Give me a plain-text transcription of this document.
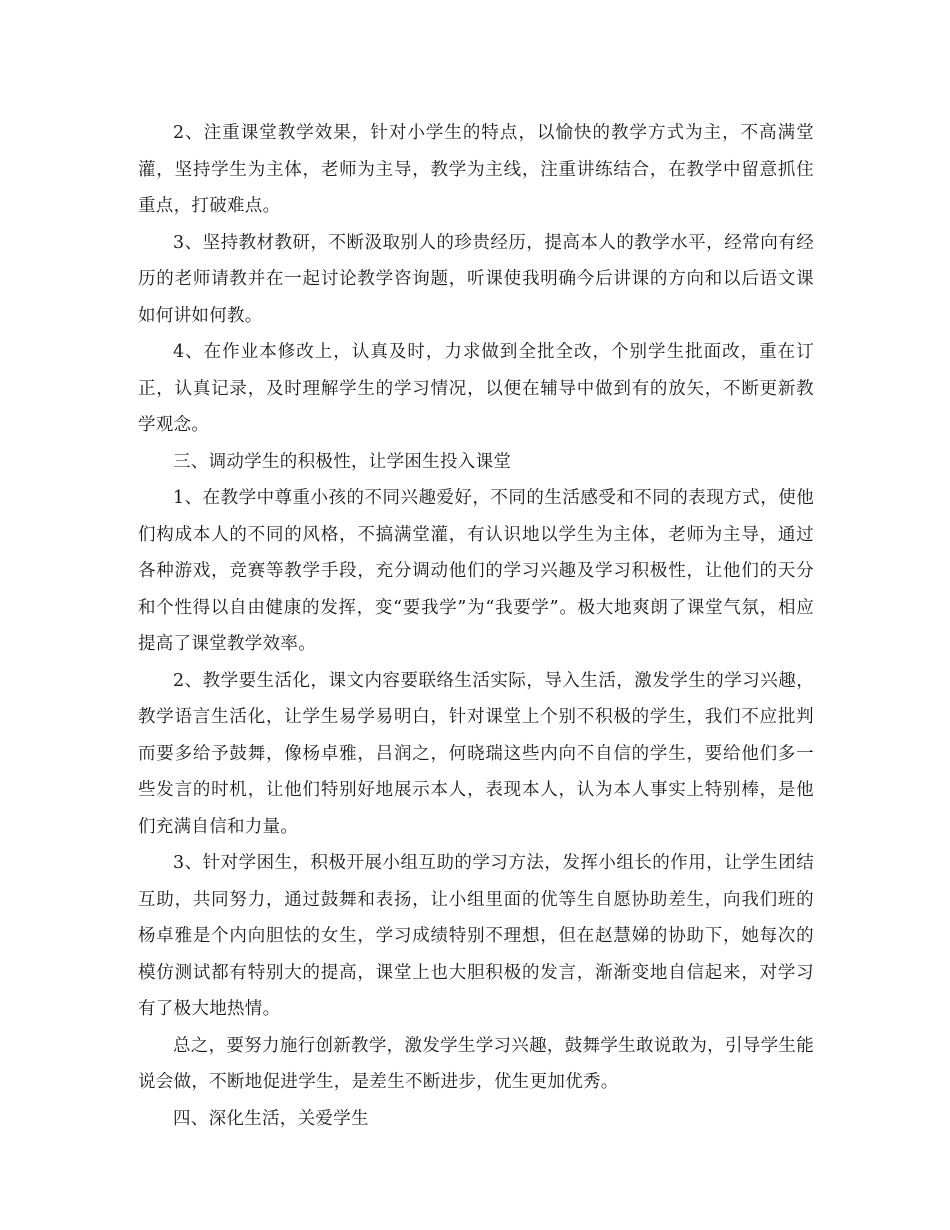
2、注重课堂教学效果，针对小学生的特点，以愉快的教学方式为主，不高满堂灌，坚持学生为主体，老师为主导，教学为主线，注重讲练结合，在教学中留意抓住重点，打破难点。

3、坚持教材教研，不断汲取别人的珍贵经历，提高本人的教学水平，经常向有经历的老师请教并在一起讨论教学咨询题，听课使我明确今后讲课的方向和以后语文课如何讲如何教。

4、在作业本修改上，认真及时，力求做到全批全改，个别学生批面改，重在订正，认真记录，及时理解学生的学习情况，以便在辅导中做到有的放矢，不断更新教学观念。

三、调动学生的积极性，让学困生投入课堂

1、在教学中尊重小孩的不同兴趣爱好，不同的生活感受和不同的表现方式，使他们构成本人的不同的风格，不搞满堂灌，有认识地以学生为主体，老师为主导，通过各种游戏，竞赛等教学手段，充分调动他们的学习兴趣及学习积极性，让他们的天分和个性得以自由健康的发挥，变“要我学”为“我要学”。极大地爽朗了课堂气氛，相应提高了课堂教学效率。

2、教学要生活化，课文内容要联络生活实际，导入生活，激发学生的学习兴趣，教学语言生活化，让学生易学易明白，针对课堂上个别不积极的学生，我们不应批判而要多给予鼓舞，像杨卓雅，吕润之，何晓瑞这些内向不自信的学生，要给他们多一些发言的时机，让他们特别好地展示本人，表现本人，认为本人事实上特别棒，是他们充满自信和力量。

3、针对学困生，积极开展小组互助的学习方法，发挥小组长的作用，让学生团结互助，共同努力，通过鼓舞和表扬，让小组里面的优等生自愿协助差生，向我们班的杨卓雅是个内向胆怯的女生，学习成绩特别不理想，但在赵慧娣的协助下，她每次的模仿测试都有特别大的提高，课堂上也大胆积极的发言，渐渐变地自信起来，对学习有了极大地热情。

总之，要努力施行创新教学，激发学生学习兴趣，鼓舞学生敢说敢为，引导学生能说会做，不断地促进学生，是差生不断进步，优生更加优秀。

四、深化生活，关爱学生
